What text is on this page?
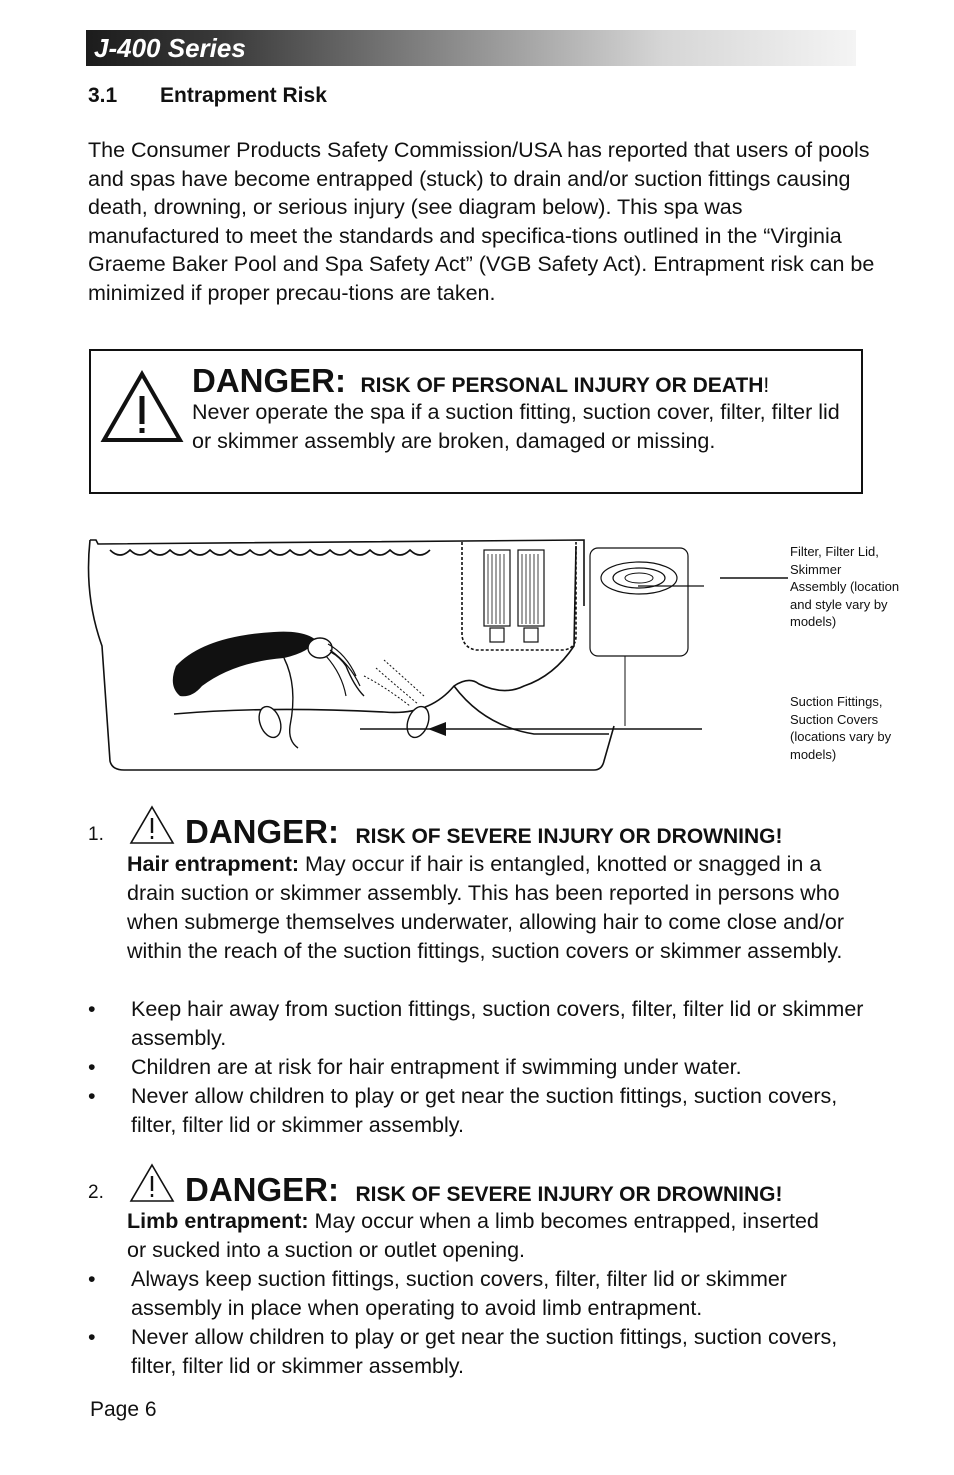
J-400 Series
3.1 Entrapment Risk
The Consumer Products Safety Commission/USA has reported that users of pools and spas have become entrapped (stuck) to drain and/or suction fittings causing death, drowning, or serious injury (see diagram below). This spa was manufactured to meet the standards and specifica-tions outlined in the “Virginia Graeme Baker Pool and Spa Safety Act” (VGB Safety Act). Entrapment risk can be minimized if proper precau-tions are taken.
DANGER: RISK OF PERSONAL INJURY OR DEATH!
Never operate the spa if a suction fitting, suction cover, filter, filter lid or skimmer assembly are broken, damaged or missing.
Filter, Filter Lid, Skimmer Assembly (location and style vary by models)
Suction Fittings, Suction Covers (locations vary by models)
1. DANGER: RISK OF SEVERE INJURY OR DROWNING!
Hair entrapment: May occur if hair is entangled, knotted or snagged in a drain suction or skimmer assembly. This has been reported in persons who when submerge themselves underwater, allowing hair to come close and/or within the reach of the suction fittings, suction covers or skimmer assembly.
• Keep hair away from suction fittings, suction covers, filter, filter lid or skimmer assembly.
• Children are at risk for hair entrapment if swimming under water.
• Never allow children to play or get near the suction fittings, suction covers, filter, filter lid or skimmer assembly.
2. DANGER: RISK OF SEVERE INJURY OR DROWNING!
Limb entrapment: May occur when a limb becomes entrapped, inserted or sucked into a suction or outlet opening.
• Always keep suction fittings, suction covers, filter, filter lid or skimmer assembly in place when operating to avoid limb entrapment.
• Never allow children to play or get near the suction fittings, suction covers, filter, filter lid or skimmer assembly.
Page 6
